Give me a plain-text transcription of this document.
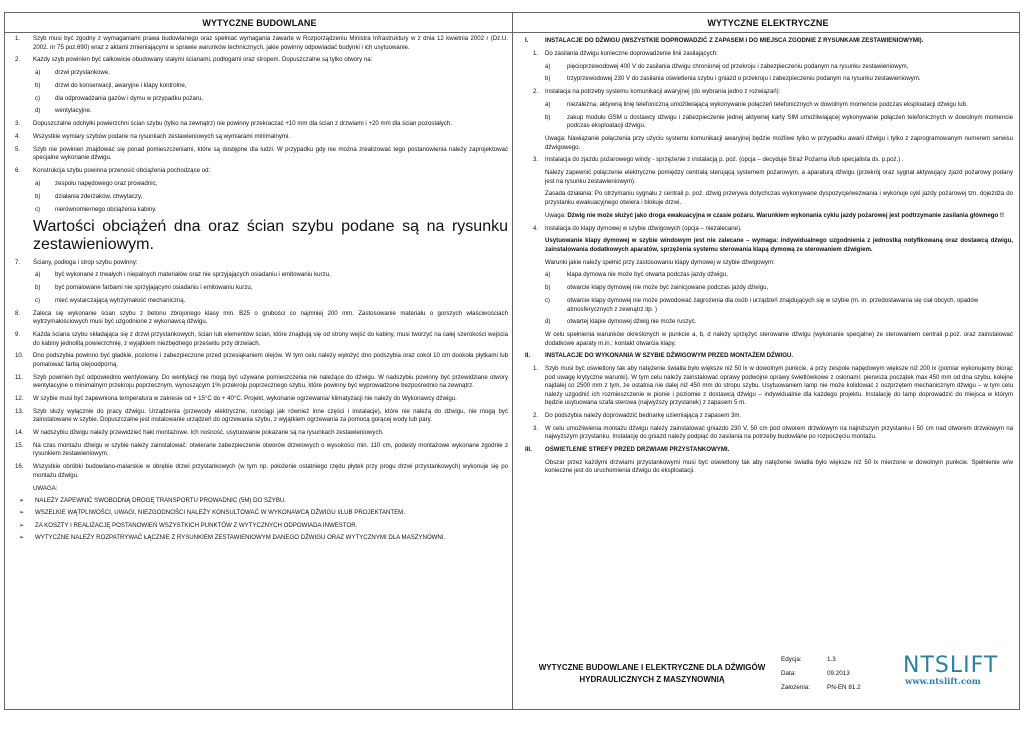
WYTYCZNE BUDOWLANE
1. Szyb musi być zgodny z wymaganiami prawa budowlanego oraz spełniać wymagania zawarte w Rozporządzeniu Ministra Infrastruktury w z dnia 12 kwietnia 2002 r (Dz.U. 2002. nr 75 poz.690) wraz z aktami zmieniającymi w sprawie warunków technicznych, jakie powinny odpowiadać budynki i ich usytuowanie.
2. Każdy szyb powinien być całkowicie obudowany stałymi ścianami, podłogami oraz stropem. Dopuszczalne są tylko otwory na:
a) drzwi przystankowe,
b) drzwi do konserwacji, awaryjne i klapy kontrolne,
c) dla odprowadzania gazów i dymu w przypadku pożaru,
d) wentylacyjne.
3. Dopuszczalne odchyłki powierzchni ścian szybu (tylko na zewnątrz) nie powinny przekraczać +10 mm dla ścian z drzwiami i +20 mm dla ścian pozostałych.
4. Wszystkie wymiary szybów podane na rysunkach zestawieniowych są wymiarami minimalnymi.
5. Szyb nie powinien znajdować się ponad pomieszczeniami, które są dostępne dla ludzi. W przypadku gdy nie można zrealizować tego postanowienia należy zaprojektować specjalne wykonanie dźwigu.
6. Konstrukcja szybu powinna przenosić obciążenia pochodzące od:
a) zespołu napędowego oraz prowadnic,
b) działania zderzaków, chwytaczy,
c) nierównomiernego obciążenia kabiny.
Wartości obciążeń dna oraz ścian szybu podane są na rysunku zestawieniowym.
7. Ściany, podłoga i strop szybu powinny:
a) być wykonane z trwałych i niepalnych materiałów oraz nie sprzyjających osiadaniu i emitowaniu kurzu,
b) być pomalowane farbami nie sprzyjającymi osiadaniu i emitowaniu kurzu,
c) mieć wystarczającą wytrzymałość mechaniczną.
8. Zaleca się wykonanie ścian szybu z betonu zbrojonego klasy min. B25 o grubości co najmniej 200 mm. Zastosowanie materiału o gorszych właściwościach wytrzymałościowych musi być uzgodnione z wykonawcą dźwigu.
9. Każda ściana szybu składająca się z drzwi przystankowych, ścian lub elementów ścian, które znajdują się od strony wejść do kabiny, musi tworzyć na całej szerokości wejścia do kabiny jednolitą powierzchnię, z wyjątkiem niezbędnego prześwitu przy drzwiach.
10. Dno podszybia powinno być gładkie, poziome i zabezpieczone przed przesiąkaniem olejów. W tym celu należy wyłożyć dno podszybia oraz cokół 10 cm dookoła płytkami lub pomalować farbą olejoodporną.
11. Szyb powinien być odpowiednio wentylowany. Do wentylacji nie mogą być używane pomieszczenia nie należące do dźwigu. W nadszybiu powinny być przewidziane otwory wentylacyjne o minimalnym przekroju poprzecznym, wynoszącym 1% przekroju poprzecznego szybu, które powinny być wyprowadzone bezpośrednio na zewnątrz.
12. W szybie musi być zapewniona temperatura w zakresie od + 15°C do + 40°C. Projekt, wykonanie ogrzewania/ klimatyzacji nie należy do Wykonawcy dźwigu.
13. Szyb służy wyłącznie do pracy dźwigu. Urządzenia (przewody elektryczne, rurociągi jak również inne części i instalacje), które nie należą do dźwigu, nie mogą być zainstalowane w szybie. Dopuszczalne jest instalowanie urządzeń do ogrzewania szybu, z wyjątkiem ogrzewania za pomocą gorącej wody lub pary.
14. W nadszybiu dźwigu należy przewidzieć haki montażowe. Ich nośność, usytuowanie pokazane są na rysunkach zestawieniowych.
15. Na czas montażu dźwigu w szybie należy zainstalować: otwierane zabezpieczenie otworów drzwiowych o wysokości min. 110 cm, podesty montażowe wykonane zgodnie z rysunkiem zestawieniowym.
16. Wszystkie obróbki budowlano-malarskie w obrębie drzwi przystankowych (w tym np. położenie ostatniego rzędu płytek przy progu drzwi przystankowych) wykonuje się po montażu dźwigu.
UWAGA:
➢ NALEŻY ZAPEWNIĆ SWOBODNĄ DROGĘ TRANSPORTU PROWADNIC (5M) DO SZYBU.
➢ WSZELKIE WĄTPLIWOŚCI, UWAGI, NIEZGODNOŚCI NALEŻY KONSULTOWAĆ W WYKONAWCĄ DŹWIGU I/LUB PROJEKTANTEM.
➢ ZA KOSZTY I REALIZACJĘ POSTANOWIEŃ WSZYSTKICH PUNKTÓW Z WYTYCZNYCH ODPOWIADA INWESTOR.
➢ WYTYCZNE NALEŻY ROZPATRYWAĆ ŁĄCZNIE Z RYSUNKIEM ZESTAWIENIOWYM DANEGO DŹWIGU ORAZ WYTYCZNYMI DLA MASZYNOWNI.
WYTYCZNE ELEKTRYCZNE
I.	INSTALACJE DO DŹWIGU (WSZYSTKIE DOPROWADZIĆ Z ZAPASEM I DO MIEJSCA ZGODNIE Z RYSUNKAMI ZESTAWIENIOWYMI).
1. Do zasilania dźwigu konieczne doprowadzenie linii zasilających:
a)	pięcioprzewodowej 400 V do zasilania dźwigu chronionej od przekroju i zabezpieczeniu podanym na rysunku zestawieniowym,
b)	trzyprzewodowej 230 V do zasilania oświetlenia szybu i gniazd o przekroju i zabezpieczeniu podanym na rysunku zestawieniowym.
2. Instalacja na potrzeby systemu komunikacji awaryjnej (do wybrania jedno z rozwiązań):
a)	niezależna, aktywną linię telefoniczną umożliwiającą wykonywanie połączeń telefonicznych w dowolnym momencie podczas eksploatacji dźwigu lub,
b)	zakup modułu GSM u dostawcy dźwigu i zabezpieczenie jednej aktywnej karty SIM umożliwiającej wykonywanie połączeń telefonicznych w dowolnym momencie podczas eksploatacji dźwigu.
Uwaga: Nawiązanie połączenia przy użyciu systemu komunikacji awaryjnej będzie możliwe tylko w przypadku awarii dźwigu i tylko z zaprogramowanym numerem serwisu dźwigowego.
3. Instalacja do zjazdu pożarowego windy - sprzężenie z instalacją p. poż. (opcja – decyduje Straż Pożarna i/lub specjalista ds. p.poż.) .
Należy zapewnić połączenie elektryczne pomiędzy centralą sterującą systemem pożarowym, a aparaturą dźwigu (przekrój oraz sygnał aktywujący zjazd pożarowy podany jest na rysunku zestawieniowym).
Zasada działania: Po otrzymaniu sygnału z centrali p. poż. dźwig przerywa dotychczas wykonywane dyspozycje/wezwania i wykonuje cykl jazdy pożarowej tzn. dojeżdża do przystanku ewakuacyjnego otwiera i blokuje drzwi.
Uwaga: Dźwig nie może służyć jako droga ewakuacyjna w czasie pożaru. Warunkiem wykonania cyklu jazdy pożarowej jest podtrzymanie zasilania głównego !!
4. Instalacja do klapy dymowej w szybie dźwigowych (opcja – niezalecane).
Usytuowanie klapy dymowej w szybie windowym jest nie zalecane – wymaga: indywidualnego uzgodnienia z jednostką notyfikowaną oraz dostawcą dźwigu, zainstalowania dodatkowych aparatów, sprzężenia systemu sterowania klapą dymową ze sterowaniem dźwigiem.
Warunki jakie należy spełnić przy zastosowaniu klapy dymowej w szybie dźwigowym:
a)	klapa dymowa nie może być otwarta podczas jazdy dźwigu,
b)	otwarcie klapy dymowej nie może być zainicjowane podczas jazdy dźwigu,
c)	otwarcie klapy dymowej nie może powodować zagrożenia dla osób i urządzeń znajdujących się w szybie (m. in. przedostawania się ciał obcych, opadów atmosferycznych z zewnątrz itp. )
d)	otwartej klapie dymowej dźwig nie może ruszyć.
W celu spełnienia warunków określonych w punkcie a, b, d należy sprzężyć sterowanie dźwigu (wykonanie specjalne) ze sterowaniem centrali p.poż. oraz zainstalować dodatkowe aparaty m.in.: kontakt otwarcia klapy.
II. INSTALACJE DO WYKONANIA W SZYBIE DŹWIGOWYM PRZED MONTAŻEM DŹWIGU.
1. Szyb musi być oświetlony tak aby natężenie światła było większe niż 50 lx w dowolnym punkcie, a przy zespole napędowym większe niż 200 lx (pomiar wykonujemy biorąc pod uwagę krytyczne warunki). W tym celu należy zainstalować oprawy podwójne oprawy świetlówkowe z osłonami: pierwsza początek max 450 mm od dna szybu, kolejne najdalej co 2500 mm z tym, że ostatnia nie dalej niż 450 mm do stropu szybu. Usytuowaniem lamp nie może kolidować z oszprzętem mechanicznym dźwigu – w tym celu należy uzgodnić ich rozmieszczenie w pionie i poziomie z dostawcą dźwigu – indywidualnie dla każdego projektu. Instalację do lamp doprowadzić do miejsca w którym będzie usytuowana szafa sterowa (najwyższy przystanek) z zapasem 5 m.
2. Do podszybia należy doprowadzić bednarkę uziemiającą z zapasem 3m.
3. W celu umożliwienia montażu dźwigu należy zainstalować gniazdo 230 V, 50 cm pod otworem drzwiowym na najniższym przystanku i 50 cm nad otworem drzwiowym na najwyższym przystanku. Instalację do gniazd należy podpiąć do zasilania na potrzeby budowlane po rozpoczęciu montażu.
III. OŚWIETLENIE STREFY PRZED DRZWIAMI PRZYSTANKOWYMI.
Obszar przez każdymi drzwiami przystankowymi musi być oświetlony tak aby natężenie światła było większe niż 50 lx mierzone w dowolnym punkcie. Spełnienie w/w konieczne jest do uruchomienia dźwigu do eksploatacji.
WYTYCZNE BUDOWLANE I ELEKTRYCZNE DLA DŹWIGÓW HYDRAULICZNYCH Z MASZYNOWNIĄ
Edycja:	1.3
Data:	09.2013
Założenia:	PN-EN 81.2
NTSLIFT
www.ntslift.com
